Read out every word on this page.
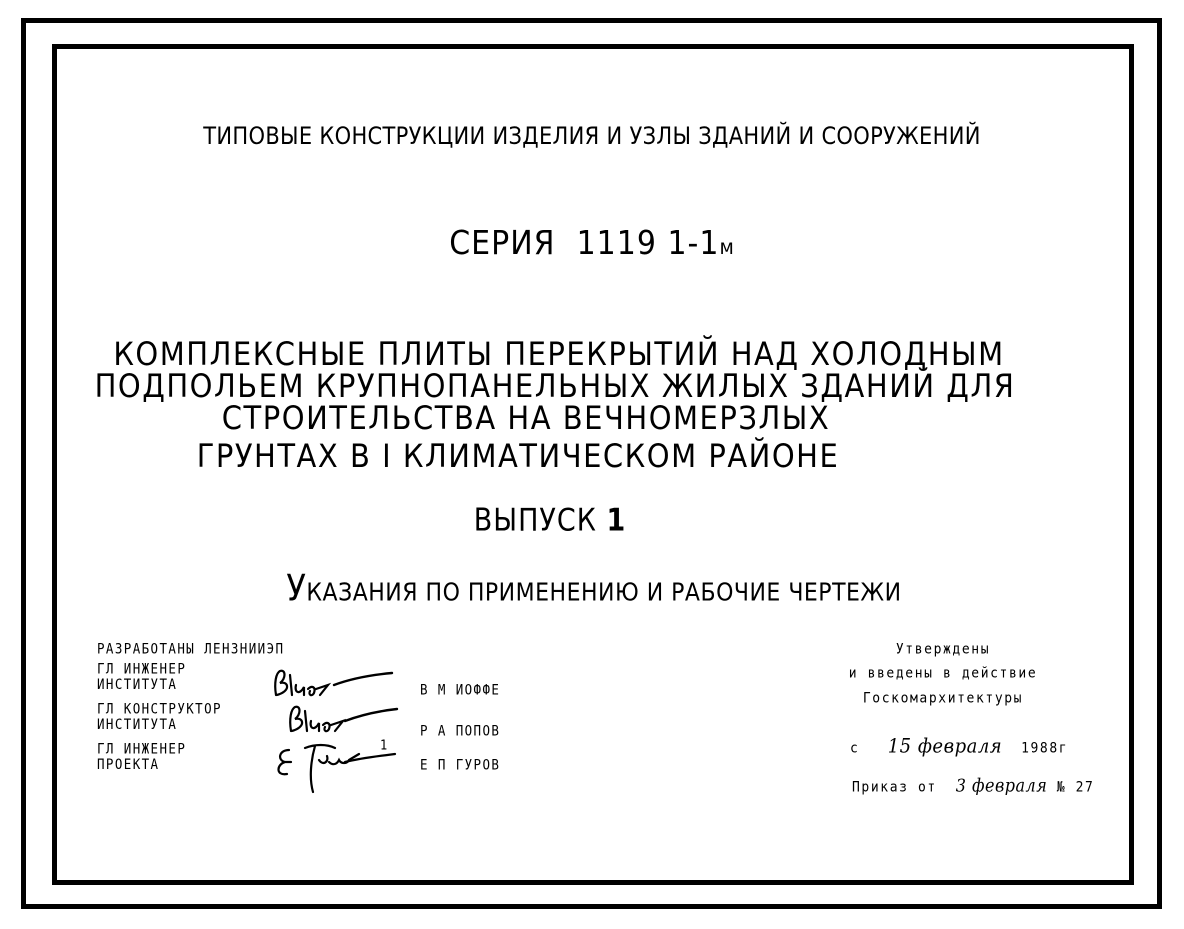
ТИПОВЫЕ КОНСТРУКЦИИ ИЗДЕЛИЯ И УЗЛЫ ЗДАНИЙ И СООРУЖЕНИЙ
СЕРИЯ 1119 1-1м
КОМПЛЕКСНЫЕ ПЛИТЫ ПЕРЕКРЫТИЙ НАД ХОЛОДНЫМ
ПОДПОЛЬЕМ КРУПНОПАНЕЛЬНЫХ ЖИЛЫХ ЗДАНИЙ ДЛЯ
СТРОИТЕЛЬСТВА НА ВЕЧНОМЕРЗЛЫХ
ГРУНТАХ В I КЛИМАТИЧЕСКОМ РАЙОНЕ
ВЫПУСК 1
УКАЗАНИЯ ПО ПРИМЕНЕНИЮ И РАБОЧИЕ ЧЕРТЕЖИ
РАЗРАБОТАНЫ ЛЕНЗНИИЭП
ГЛ ИНЖЕНЕР
ИНСТИТУТА	В М ИОФФЕ
ГЛ КОНСТРУКТОР
ИНСТИТУТА	Р А ПОПОВ
ГЛ ИНЖЕНЕР
ПРОЕКТА	Е П ГУРОВ
1
Утверждены
и введены в действие
Госкомархитектуры
с 15 февраля 1988г
Приказ от 3 февраля № 27
